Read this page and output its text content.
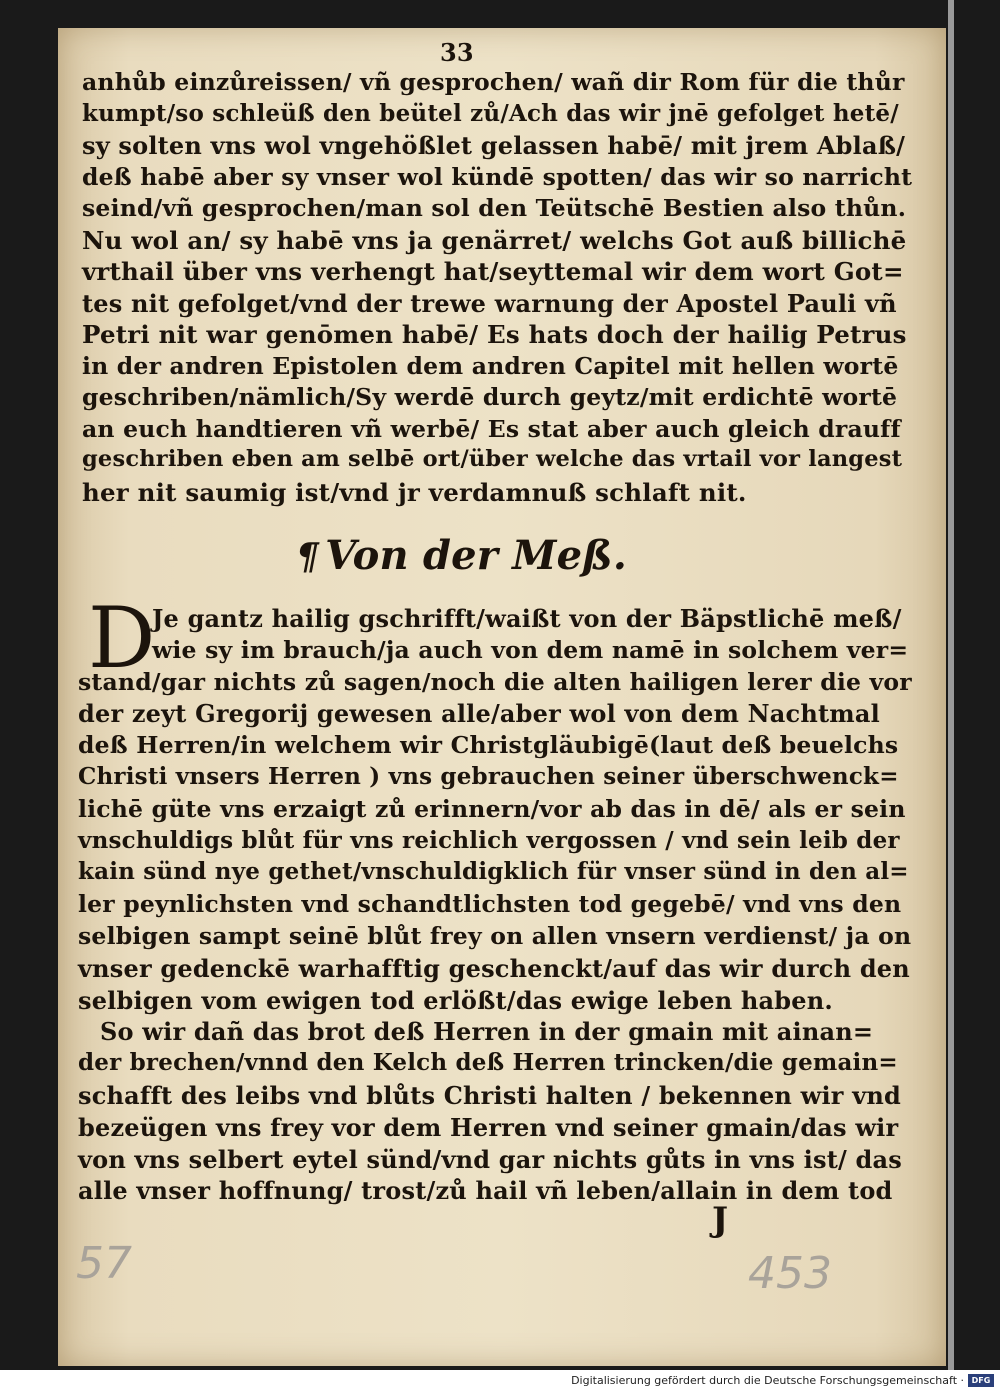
33
anhůb einzůreissen/ vñ gesprochen/ wañ dir Rom für die thůr
kumpt/so schleüß den beütel zů/Ach das wir jnē gefolget hetē/
sy solten vns wol vngehößlet gelassen habē/ mit jrem Ablaß/
deß habē aber sy vnser wol kündē spotten/ das wir so narricht
seind/vñ gesprochen/man sol den Teütschē Bestien also thůn.
Nu wol an/ sy habē vns ja genärret/ welchs Got auß billichē
vrthail über vns verhengt hat/seyttemal wir dem wort Got=
tes nit gefolget/vnd der trewe warnung der Apostel Pauli vñ
Petri nit war genōmen habē/ Es hats doch der hailig Petrus
in der andren Epistolen dem andren Capitel mit hellen wortē
geschriben/nämlich/Sy werdē durch geytz/mit erdichtē wortē
an euch handtieren vñ werbē/ Es stat aber auch gleich drauff
geschriben eben am selbē ort/über welche das vrtail vor langest
her nit saumig ist/vnd jr verdamnuß schlaft nit.
¶ Von der Meß.
D
Je gantz hailig gschrifft/waißt von der Bäpstlichē meß/
wie sy im brauch/ja auch von dem namē in solchem ver=
stand/gar nichts zů sagen/noch die alten hailigen lerer die vor
der zeyt Gregorij gewesen alle/aber wol von dem Nachtmal
deß Herren/in welchem wir Christgläubigē(laut deß beuelchs
Christi vnsers Herren ) vns gebrauchen seiner überschwenck=
lichē güte vns erzaigt zů erinnern/vor ab das in dē/ als er sein
vnschuldigs blůt für vns reichlich vergossen / vnd sein leib der
kain sünd nye gethet/vnschuldigklich für vnser sünd in den al=
ler peynlichsten vnd schandtlichsten tod gegebē/ vnd vns den
selbigen sampt seinē blůt frey on allen vnsern verdienst/ ja on
vnser gedenckē warhafftig geschenckt/auf das wir durch den
selbigen vom ewigen tod erlößt/das ewige leben haben.
So wir dañ das brot deß Herren in der gmain mit ainan=
der brechen/vnnd den Kelch deß Herren trincken/die gemain=
schafft des leibs vnd blůts Christi halten / bekennen wir vnd
bezeügen vns frey vor dem Herren vnd seiner gmain/das wir
von vns selbert eytel sünd/vnd gar nichts gůts in vns ist/ das
alle vnser hoffnung/ trost/zů hail vñ leben/allain in dem tod
J
57	453
Digitalisierung gefördert durch die Deutsche Forschungsgemeinschaft · DFG
